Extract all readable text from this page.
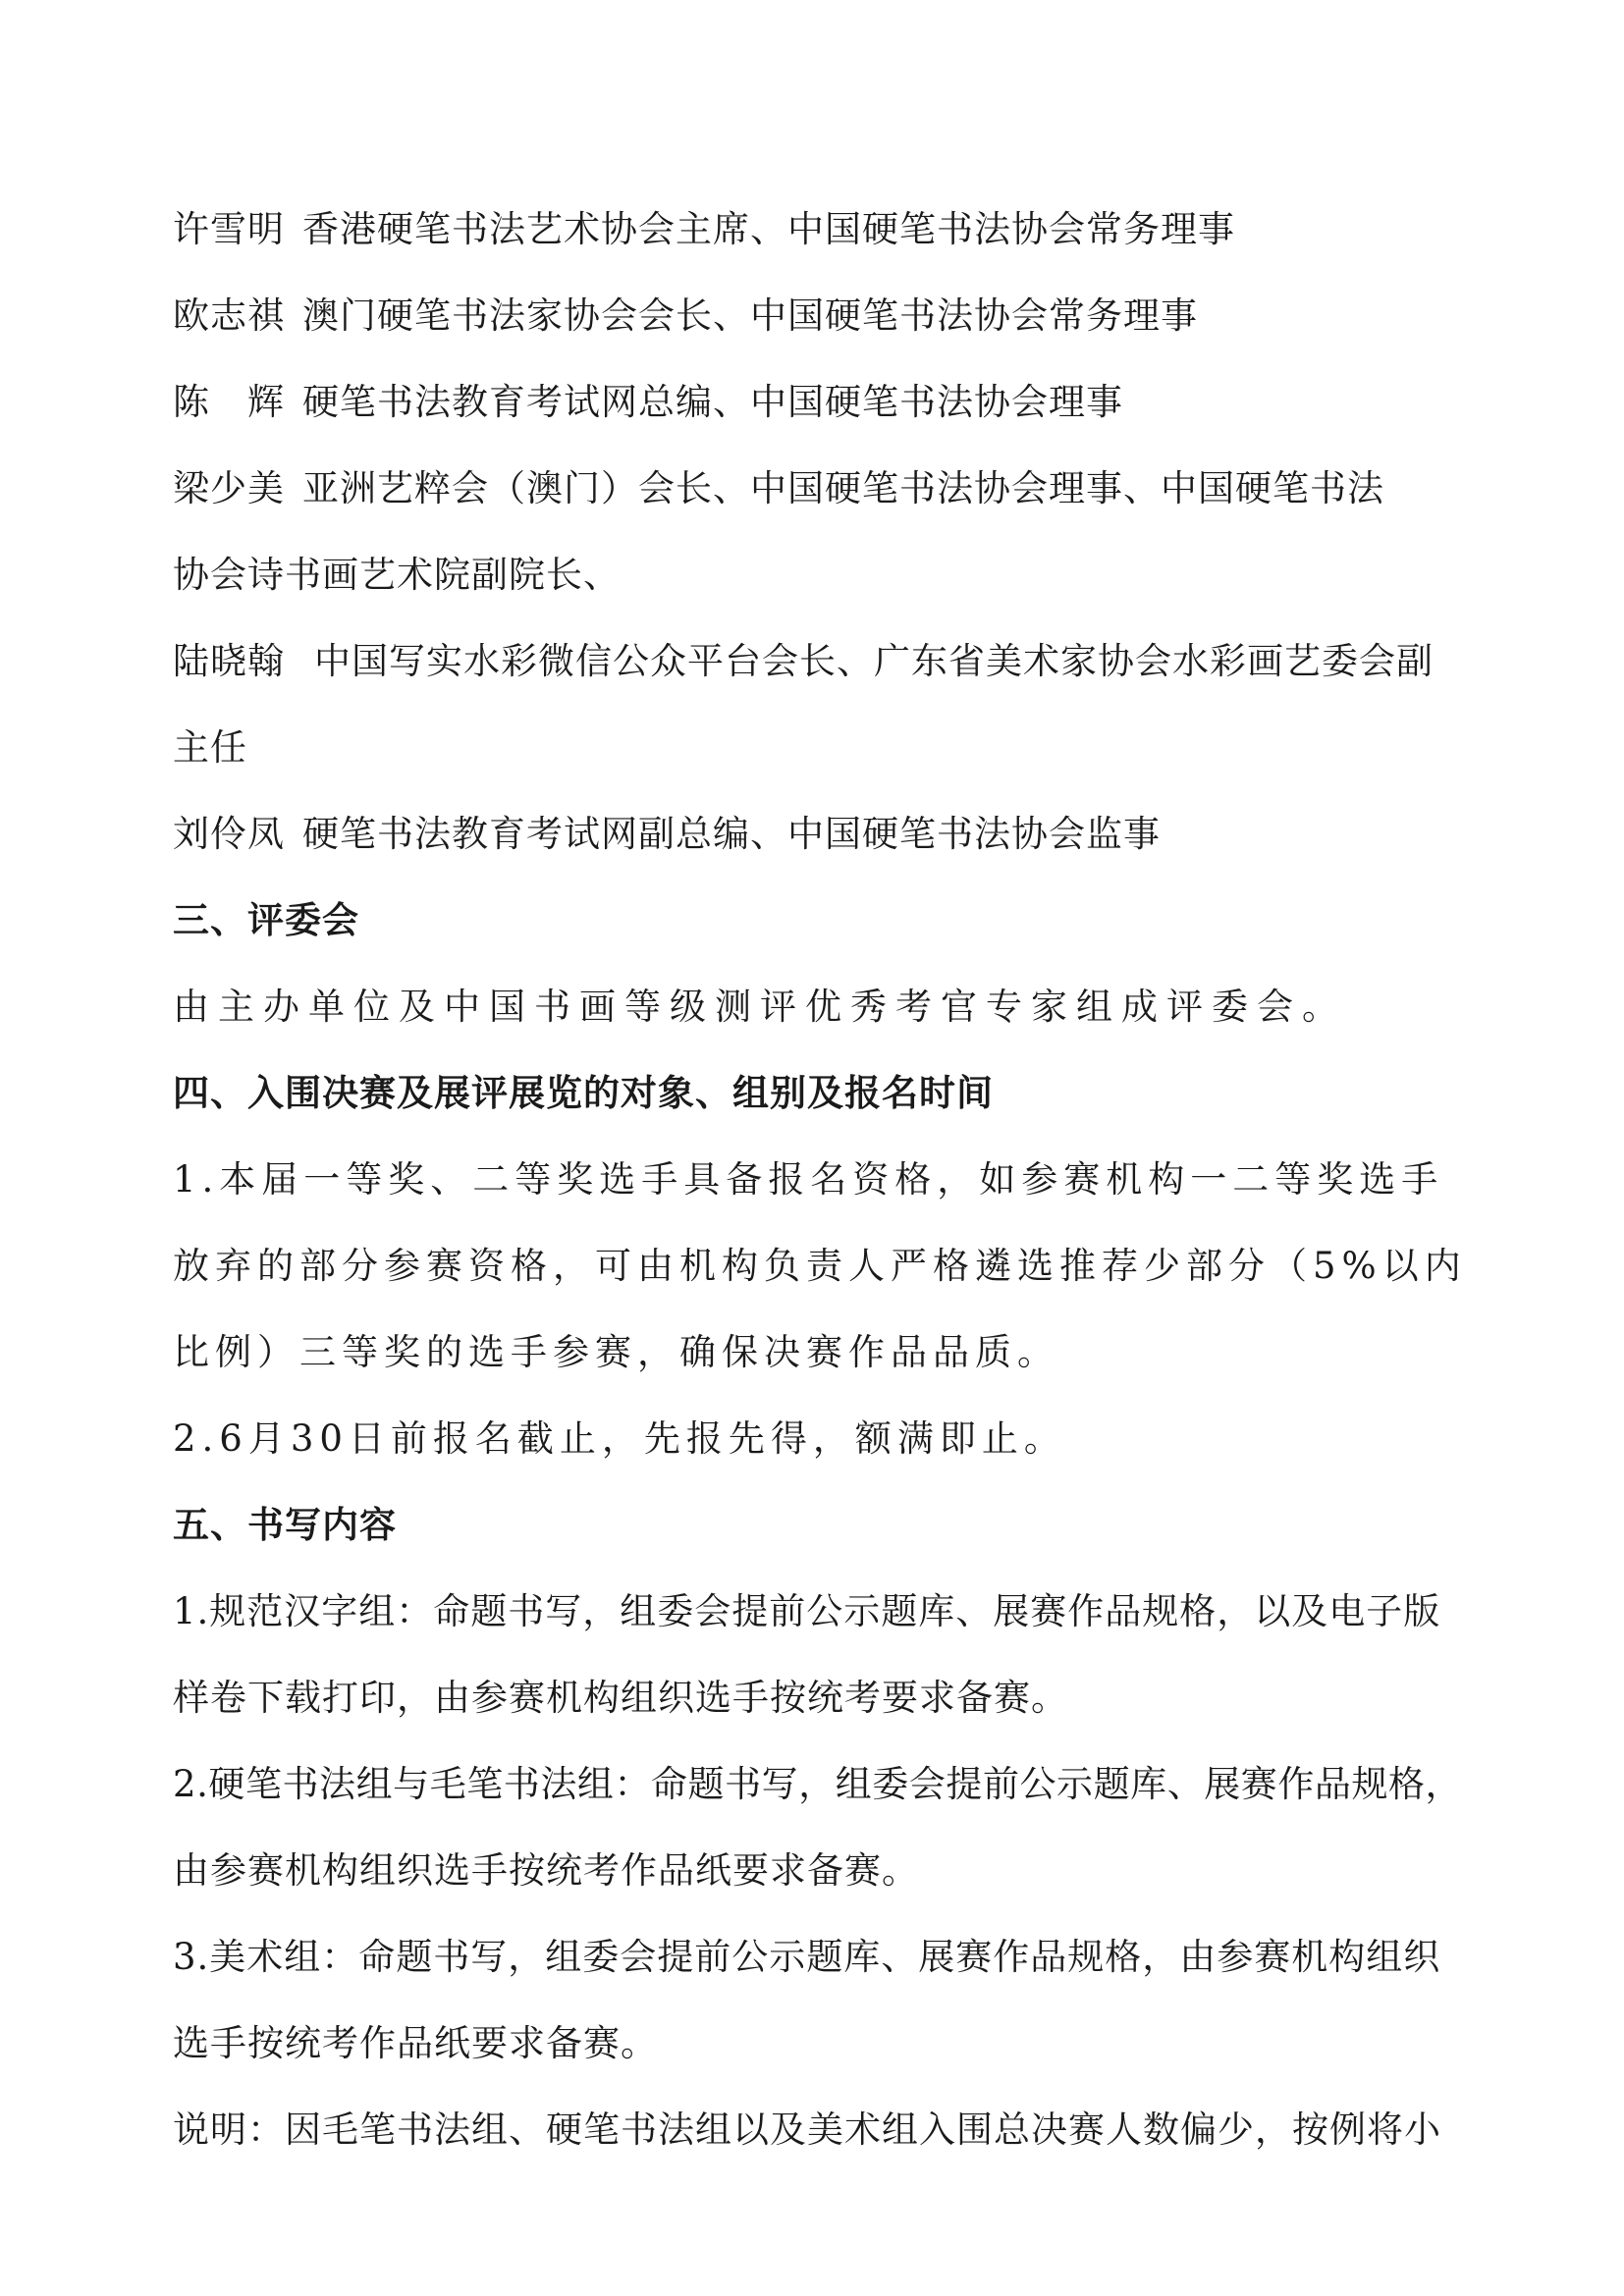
许雪明 香港硬笔书法艺术协会主席、中国硬笔书法协会常务理事
欧志祺 澳门硬笔书法家协会会长、中国硬笔书法协会常务理事
陈　辉 硬笔书法教育考试网总编、中国硬笔书法协会理事
梁少美 亚洲艺粹会（澳门）会长、中国硬笔书法协会理事、中国硬笔书法
协会诗书画艺术院副院长、
陆晓翰 中国写实水彩微信公众平台会长、广东省美术家协会水彩画艺委会副
主任
刘伶凤 硬笔书法教育考试网副总编、中国硬笔书法协会监事
三、评委会
由主办单位及中国书画等级测评优秀考官专家组成评委会。
四、入围决赛及展评展览的对象、组别及报名时间
1.本届一等奖、二等奖选手具备报名资格，如参赛机构一二等奖选手
放弃的部分参赛资格，可由机构负责人严格遴选推荐少部分（5%以内
比例）三等奖的选手参赛，确保决赛作品品质。
2.6月30日前报名截止，先报先得，额满即止。
五、书写内容
1.规范汉字组：命题书写，组委会提前公示题库、展赛作品规格，以及电子版
样卷下载打印，由参赛机构组织选手按统考要求备赛。
2.硬笔书法组与毛笔书法组：命题书写，组委会提前公示题库、展赛作品规格，
由参赛机构组织选手按统考作品纸要求备赛。
3.美术组：命题书写，组委会提前公示题库、展赛作品规格，由参赛机构组织
选手按统考作品纸要求备赛。
说明：因毛笔书法组、硬笔书法组以及美术组入围总决赛人数偏少，按例将小
